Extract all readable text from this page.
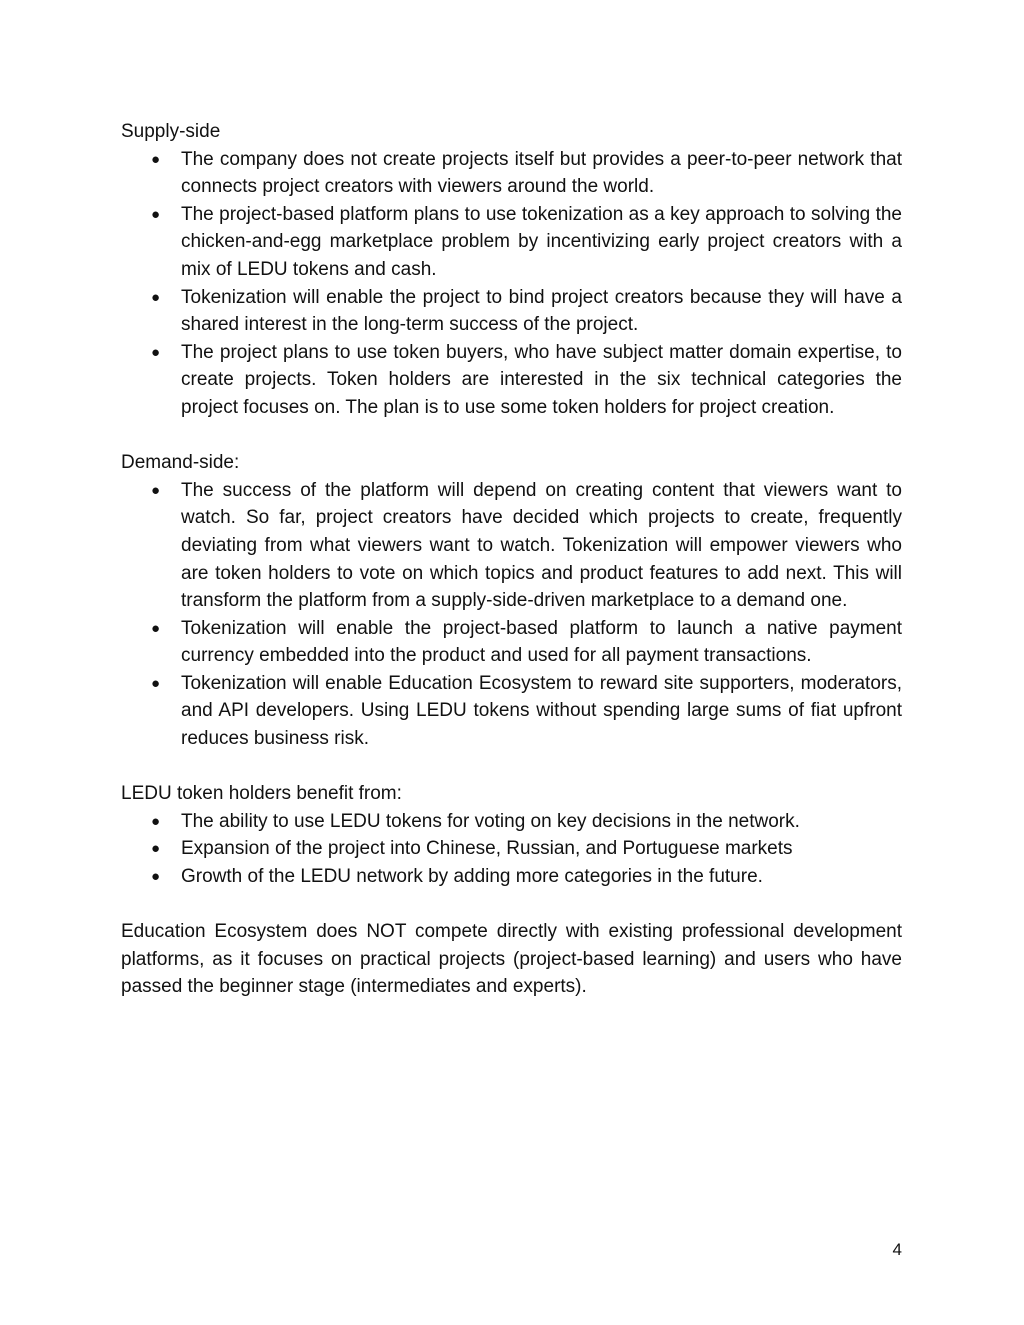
Supply-side

● The company does not create projects itself but provides a peer-to-peer network that connects project creators with viewers around the world.
● The project-based platform plans to use tokenization as a key approach to solving the chicken-and-egg marketplace problem by incentivizing early project creators with a mix of LEDU tokens and cash.
● Tokenization will enable the project to bind project creators because they will have a shared interest in the long-term success of the project.
● The project plans to use token buyers, who have subject matter domain expertise, to create projects. Token holders are interested in the six technical categories the project focuses on. The plan is to use some token holders for project creation.

Demand-side:

● The success of the platform will depend on creating content that viewers want to watch. So far, project creators have decided which projects to create, frequently deviating from what viewers want to watch. Tokenization will empower viewers who are token holders to vote on which topics and product features to add next. This will transform the platform from a supply-side-driven marketplace to a demand one.
● Tokenization will enable the project-based platform to launch a native payment currency embedded into the product and used for all payment transactions.
● Tokenization will enable Education Ecosystem to reward site supporters, moderators, and API developers. Using LEDU tokens without spending large sums of fiat upfront reduces business risk.

LEDU token holders benefit from:

● The ability to use LEDU tokens for voting on key decisions in the network.
● Expansion of the project into Chinese, Russian, and Portuguese markets
● Growth of the LEDU network by adding more categories in the future.

Education Ecosystem does NOT compete directly with existing professional development platforms, as it focuses on practical projects (project-based learning) and users who have passed the beginner stage (intermediates and experts).

4
